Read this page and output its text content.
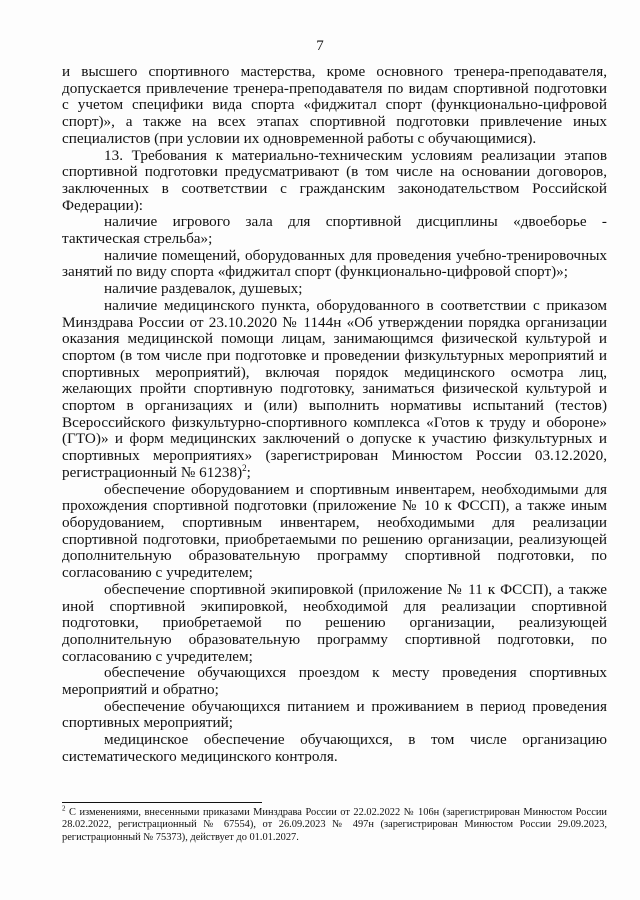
7

и высшего спортивного мастерства, кроме основного тренера-преподавателя, допускается привлечение тренера-преподавателя по видам спортивной подготовки с учетом специфики вида спорта «фиджитал спорт (функционально-цифровой спорт)», а также на всех этапах спортивной подготовки привлечение иных специалистов (при условии их одновременной работы с обучающимися).

13. Требования к материально-техническим условиям реализации этапов спортивной подготовки предусматривают (в том числе на основании договоров, заключенных в соответствии с гражданским законодательством Российской Федерации):

наличие игрового зала для спортивной дисциплины «двоеборье - тактическая стрельба»;

наличие помещений, оборудованных для проведения учебно-тренировочных занятий по виду спорта «фиджитал спорт (функционально-цифровой спорт)»;

наличие раздевалок, душевых;

наличие медицинского пункта, оборудованного в соответствии с приказом Минздрава России от 23.10.2020 № 1144н «Об утверждении порядка организации оказания медицинской помощи лицам, занимающимся физической культурой и спортом (в том числе при подготовке и проведении физкультурных мероприятий и спортивных мероприятий), включая порядок медицинского осмотра лиц, желающих пройти спортивную подготовку, заниматься физической культурой и спортом в организациях и (или) выполнить нормативы испытаний (тестов) Всероссийского физкультурно-спортивного комплекса «Готов к труду и обороне» (ГТО)» и форм медицинских заключений о допуске к участию физкультурных и спортивных мероприятиях» (зарегистрирован Минюстом России 03.12.2020, регистрационный № 61238)$^2$;

обеспечение оборудованием и спортивным инвентарем, необходимыми для прохождения спортивной подготовки (приложение № 10 к ФССП), а также иным оборудованием, спортивным инвентарем, необходимыми для реализации спортивной подготовки, приобретаемыми по решению организации, реализующей дополнительную образовательную программу спортивной подготовки, по согласованию с учредителем;

обеспечение спортивной экипировкой (приложение № 11 к ФССП), а также иной спортивной экипировкой, необходимой для реализации спортивной подготовки, приобретаемой по решению организации, реализующей дополнительную образовательную программу спортивной подготовки, по согласованию с учредителем;

обеспечение обучающихся проездом к месту проведения спортивных мероприятий и обратно;

обеспечение обучающихся питанием и проживанием в период проведения спортивных мероприятий;

медицинское обеспечение обучающихся, в том числе организацию систематического медицинского контроля.

$^2$ С изменениями, внесенными приказами Минздрава России от 22.02.2022 № 106н (зарегистрирован Минюстом России 28.02.2022, регистрационный № 67554), от 26.09.2023 № 497н (зарегистрирован Минюстом России 29.09.2023, регистрационный № 75373), действует до 01.01.2027.
